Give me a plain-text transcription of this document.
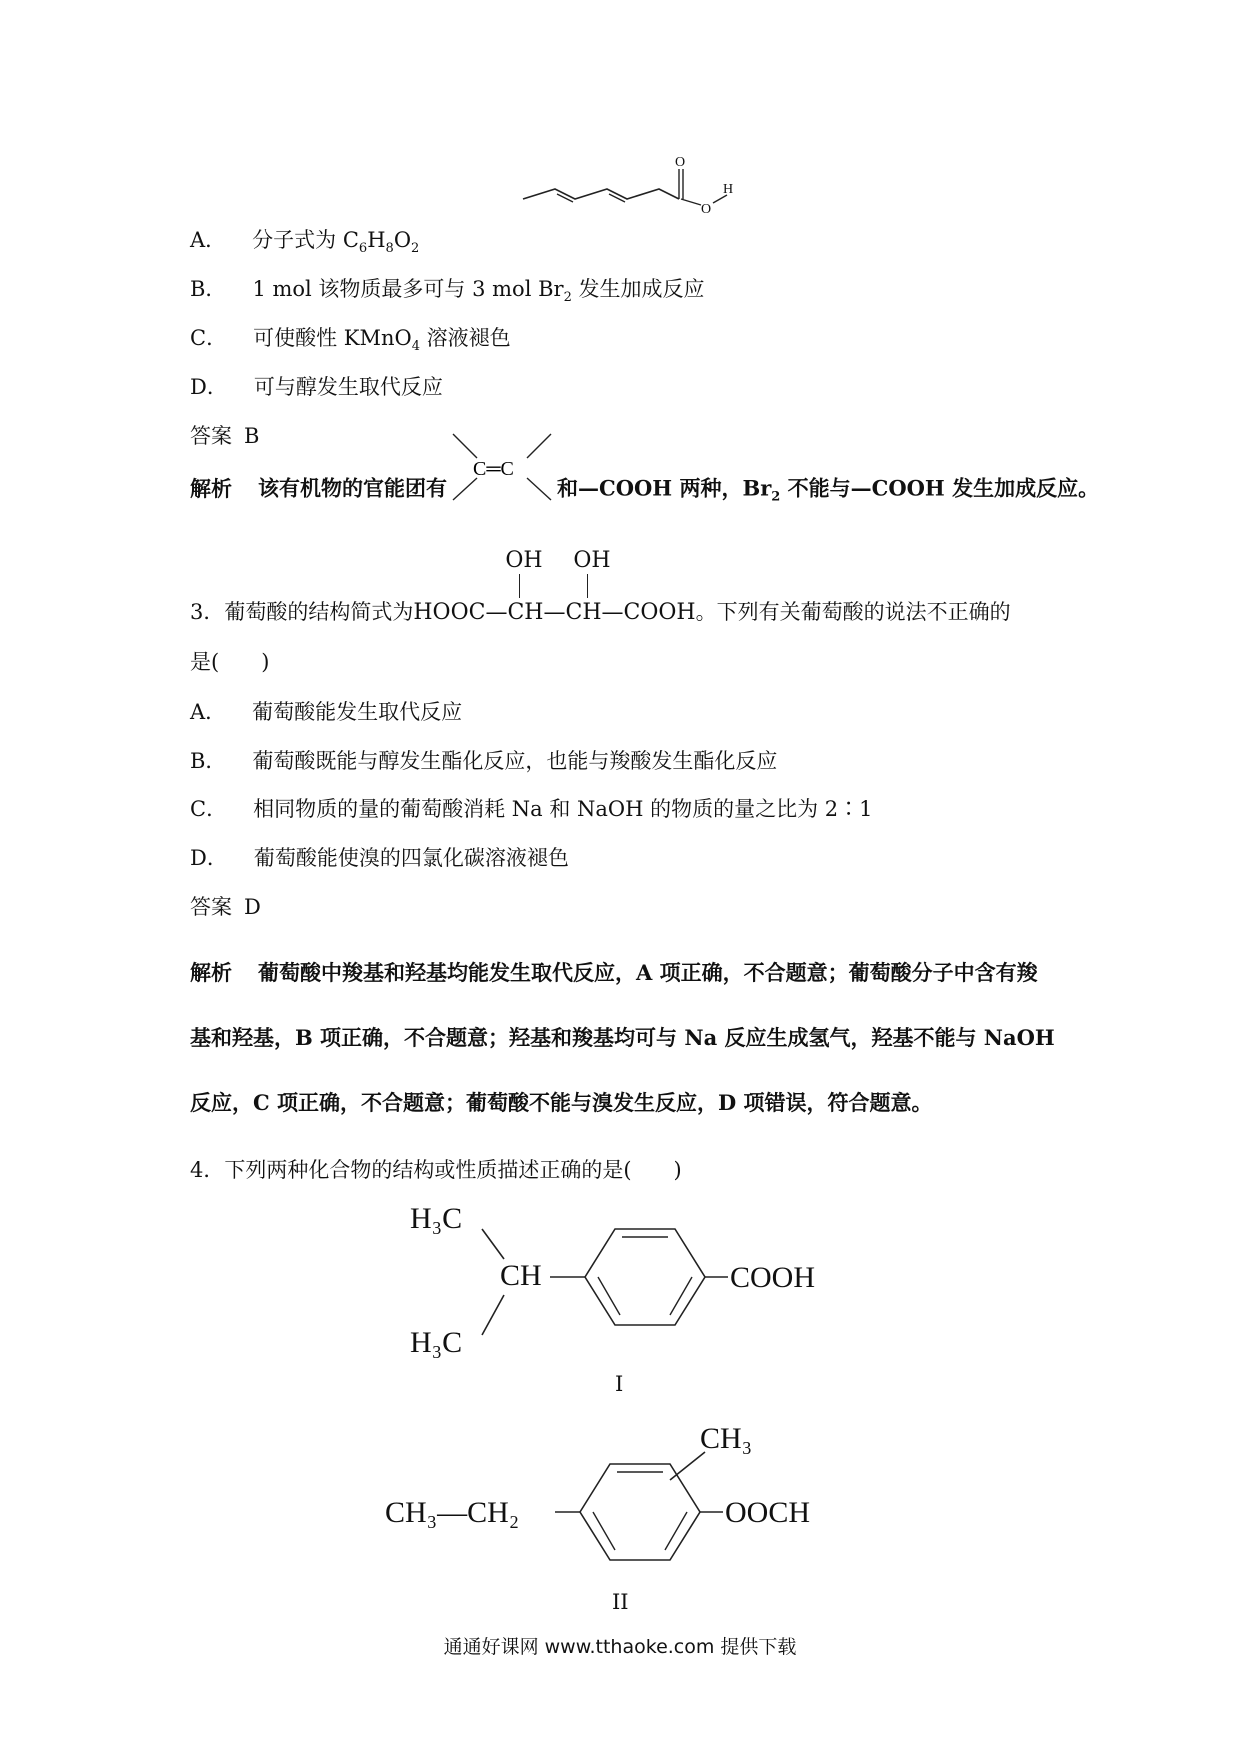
O
O
H
A． 分子式为 $C_6H_8O_2$
B． 1 mol 该物质最多可与 3 mol $Br_2$ 发生加成反应
C． 可使酸性 KMnO$_4$ 溶液褪色
D． 可与醇发生取代反应
答案 B
解析 该有机物的官能团有
C═C
和—COOH 两种，$Br_2$ 不能与—COOH 发生加成反应。
3．葡萄酸的结构简式为
OH OH
HOOC—CH—CH—COOH。下列有关葡萄酸的说法不正确的
是(　　)
A． 葡萄酸能发生取代反应
B． 葡萄酸既能与醇发生酯化反应，也能与羧酸发生酯化反应
C． 相同物质的量的葡萄酸消耗 Na 和 NaOH 的物质的量之比为 2∶1
D． 葡萄酸能使溴的四氯化碳溶液褪色
答案 D
解析 葡萄酸中羧基和羟基均能发生取代反应，A 项正确，不合题意；葡萄酸分子中含有羧
基和羟基，B 项正确，不合题意；羟基和羧基均可与 Na 反应生成氢气，羟基不能与 NaOH
反应，C 项正确，不合题意；葡萄酸不能与溴发生反应，D 项错误，符合题意。
4．下列两种化合物的结构或性质描述正确的是(　　)
H₃C
CH
H₃C
COOH
I
CH₃
CH₃—CH₂	OOCH
II
通通好课网 www.tthaoke.com 提供下载
